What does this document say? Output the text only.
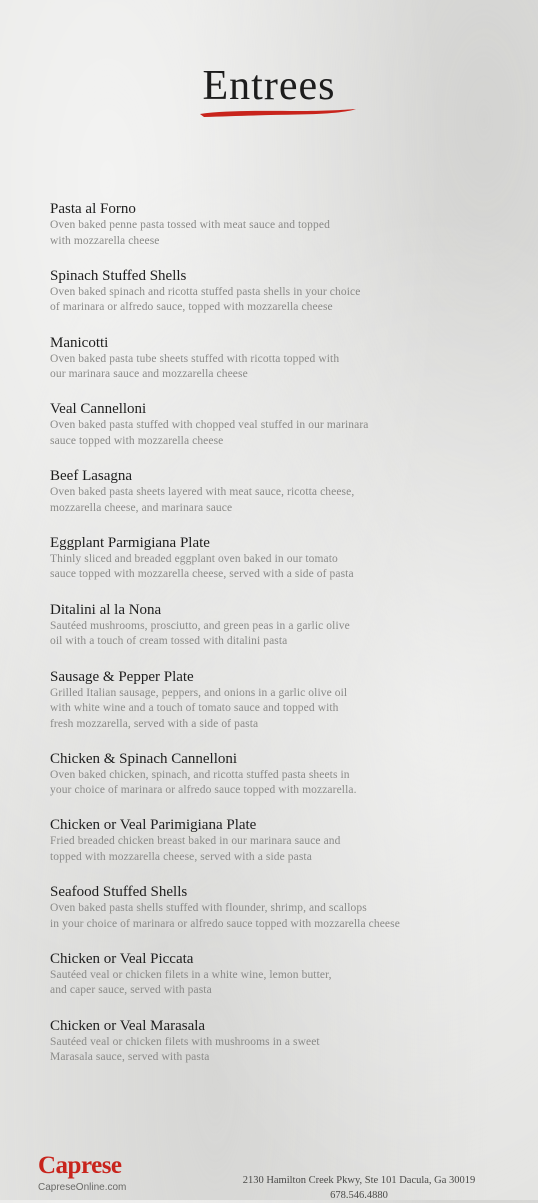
Entrees
Pasta al Forno
Oven baked penne pasta tossed with meat sauce and topped
with mozzarella cheese
Spinach Stuffed Shells
Oven baked spinach and ricotta stuffed pasta shells in your choice
of marinara or alfredo sauce, topped with mozzarella cheese
Manicotti
Oven baked pasta tube sheets stuffed with ricotta topped with
our marinara sauce and mozzarella cheese
Veal Cannelloni
Oven baked pasta stuffed with chopped veal stuffed in our marinara
sauce topped with mozzarella cheese
Beef Lasagna
Oven baked pasta sheets layered with meat sauce, ricotta cheese,
mozzarella cheese, and marinara sauce
Eggplant Parmigiana Plate
Thinly sliced and breaded eggplant oven baked in our tomato
sauce topped with mozzarella cheese, served with a side of pasta
Ditalini al la Nona
Sautéed mushrooms, prosciutto, and green peas in a garlic olive
oil with a touch of cream tossed with ditalini pasta
Sausage & Pepper Plate
Grilled Italian sausage, peppers, and onions in a garlic olive oil
with white wine and a touch of tomato sauce and topped with
fresh mozzarella, served with a side of pasta
Chicken & Spinach Cannelloni
Oven baked chicken, spinach, and ricotta stuffed pasta sheets in
your choice of marinara or alfredo sauce topped with mozzarella.
Chicken or Veal Parimigiana Plate
Fried breaded chicken breast baked in our marinara sauce and
topped with mozzarella cheese, served with a side pasta
Seafood Stuffed Shells
Oven baked pasta shells stuffed with flounder, shrimp, and scallops
in your choice of marinara or alfredo sauce topped with mozzarella cheese
Chicken or Veal Piccata
Sautéed veal or chicken filets in a white wine, lemon butter,
and caper sauce, served with pasta
Chicken or Veal Marasala
Sautéed veal or chicken filets with mushrooms in a sweet
Marasala sauce, served with pasta
Caprese
CapreseOnline.com
2130 Hamilton Creek Pkwy, Ste 101 Dacula, Ga 30019
678.546.4880
